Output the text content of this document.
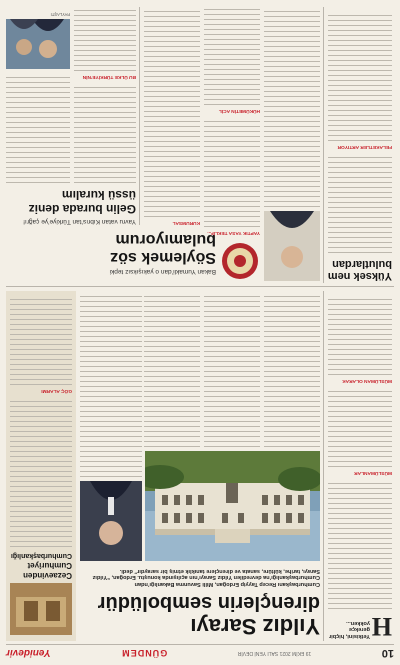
10
19 EKİM 2021 SALI YENİ DEVİR
GÜNDEM
Yenidevir
H
Yetkisini, hiçbir gerekçe yokken...
MÜSLÜMANLAR
MÜSLÜMAN OLARAK
Yıldız Sarayı
dirençlerin sembolüdür
Cumhurbaşkanı Recep Tayyip Erdoğan, Milli Savunma Bakanlığı’ndan Cumhurbaşkanlığı’na devredilen Yıldız Sarayı’nın açılışında konuştu. Erdoğan, “Yıldız Sarayı, tarihe, kültüre, sanata ve dirençlere tanıklık etmiş bir saraydır” dedi.
Cezaevinden
Cumhuriyet
Cumhurbaşkanlığı
GÖÇ ALARMI
Yüksek nem
bulutlardan
FELAKETLER ARTIYOR
Bakan Yumakli’dan o yakışıksız tepki
Söylemek söz
bulamıyorum
YAPTIK YASA TEKLİF...
HÜKÜMETİN ACİL
KURUMSAL
Yavru vatan Kıbrıs’tan Türkiye’ye çağrı!
Gelin burada deniz
üssü kuralım
BU ÜLKE TÜRKİYE’NİN
PAYLAŞTI
